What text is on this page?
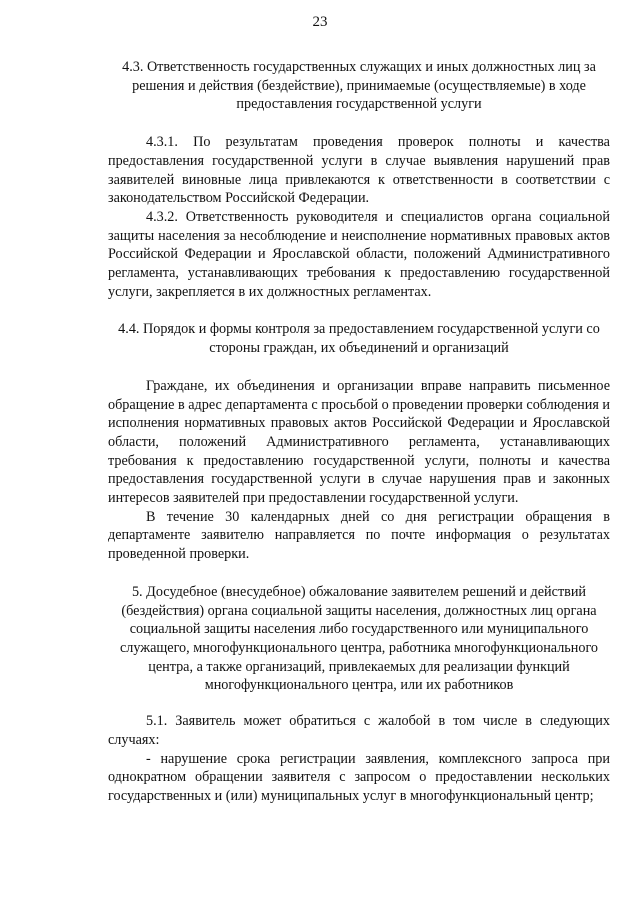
23

4.3. Ответственность государственных служащих и иных должностных лиц за решения и действия (бездействие), принимаемые (осуществляемые) в ходе предоставления государственной услуги

4.3.1. По результатам проведения проверок полноты и качества предоставления государственной услуги в случае выявления нарушений прав заявителей виновные лица привлекаются к ответственности в соответствии с законодательством Российской Федерации.

4.3.2. Ответственность руководителя и специалистов органа социальной защиты населения за несоблюдение и неисполнение нормативных правовых актов Российской Федерации и Ярославской области, положений Административного регламента, устанавливающих требования к предоставлению государственной услуги, закрепляется в их должностных регламентах.

4.4. Порядок и формы контроля за предоставлением государственной услуги со стороны граждан, их объединений и организаций

Граждане, их объединения и организации вправе направить письменное обращение в адрес департамента с просьбой о проведении проверки соблюдения и исполнения нормативных правовых актов Российской Федерации и Ярославской области, положений Административного регламента, устанавливающих требования к предоставлению государственной услуги, полноты и качества предоставления государственной услуги в случае нарушения прав и законных интересов заявителей при предоставлении государственной услуги.

В течение 30 календарных дней со дня регистрации обращения в департаменте заявителю направляется по почте информация о результатах проведенной проверки.

5. Досудебное (внесудебное) обжалование заявителем решений и действий (бездействия) органа социальной защиты населения, должностных лиц органа социальной защиты населения либо государственного или муниципального служащего, многофункционального центра, работника многофункционального центра, а также организаций, привлекаемых для реализации функций многофункционального центра, или их работников

5.1. Заявитель может обратиться с жалобой в том числе в следующих случаях:

- нарушение срока регистрации заявления, комплексного запроса при однократном обращении заявителя с запросом о предоставлении нескольких государственных и (или) муниципальных услуг в многофункциональный центр;
